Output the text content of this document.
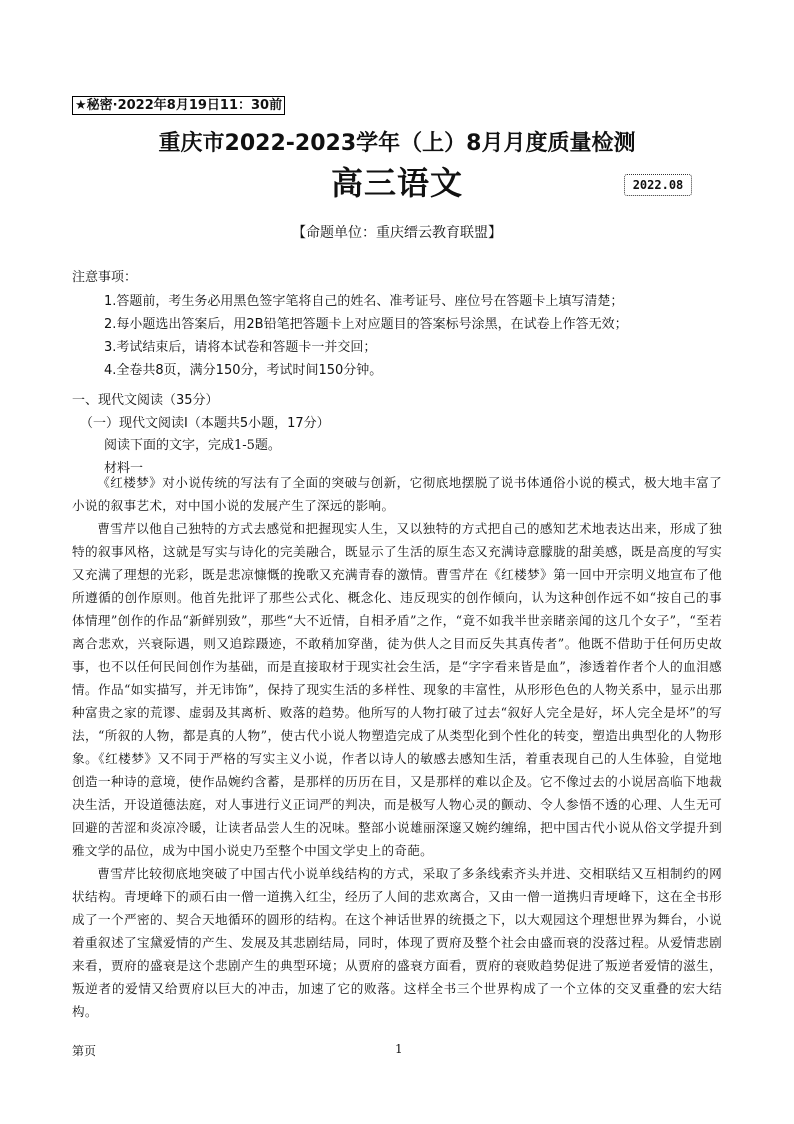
★秘密·2022年8月19日11：30前
重庆市2022-2023学年（上）8月月度质量检测
高三语文	2022.08
【命题单位：重庆缙云教育联盟】
注意事项：
1.答题前，考生务必用黑色签字笔将自己的姓名、准考证号、座位号在答题卡上填写清楚；
2.每小题选出答案后，用2B铅笔把答题卡上对应题目的答案标号涂黑，在试卷上作答无效；
3.考试结束后，请将本试卷和答题卡一并交回；
4.全卷共8页，满分150分，考试时间150分钟。
一、现代文阅读（35分）
（一）现代文阅读Ⅰ（本题共5小题，17分）
阅读下面的文字，完成1-5题。
材料一
《红楼梦》对小说传统的写法有了全面的突破与创新，它彻底地摆脱了说书体通俗小说的模式，极大地丰富了小说的叙事艺术，对中国小说的发展产生了深远的影响。
曹雪芹以他自己独特的方式去感觉和把握现实人生，又以独特的方式把自己的感知艺术地表达出来，形成了独特的叙事风格，这就是写实与诗化的完美融合，既显示了生活的原生态又充满诗意朦胧的甜美感，既是高度的写实又充满了理想的光彩，既是悲凉慷慨的挽歌又充满青春的激情。曹雪芹在《红楼梦》第一回中开宗明义地宣布了他所遵循的创作原则。他首先批评了那些公式化、概念化、违反现实的创作倾向，认为这种创作远不如“按自己的事体情理”创作的作品“新鲜别致”，那些“大不近情，自相矛盾”之作，“竟不如我半世亲睹亲闻的这几个女子”，“至若离合悲欢，兴衰际遇，则又追踪蹑迹，不敢稍加穿凿，徒为供人之目而反失其真传者”。他既不借助于任何历史故事，也不以任何民间创作为基础，而是直接取材于现实社会生活，是“字字看来皆是血”，渗透着作者个人的血泪感情。作品“如实描写，并无讳饰”，保持了现实生活的多样性、现象的丰富性，从形形色色的人物关系中，显示出那种富贵之家的荒谬、虚弱及其离析、败落的趋势。他所写的人物打破了过去“叙好人完全是好，坏人完全是坏”的写法，“所叙的人物，都是真的人物”，使古代小说人物塑造完成了从类型化到个性化的转变，塑造出典型化的人物形象。《红楼梦》又不同于严格的写实主义小说，作者以诗人的敏感去感知生活，着重表现自己的人生体验，自觉地创造一种诗的意境，使作品婉约含蓄，是那样的历历在目，又是那样的难以企及。它不像过去的小说居高临下地裁决生活，开设道德法庭，对人事进行义正词严的判决，而是极写人物心灵的颤动、令人参悟不透的心理、人生无可回避的苦涩和炎凉冷暖，让读者品尝人生的况味。整部小说雄丽深邃又婉约缠绵，把中国古代小说从俗文学提升到雅文学的品位，成为中国小说史乃至整个中国文学史上的奇葩。
曹雪芹比较彻底地突破了中国古代小说单线结构的方式，采取了多条线索齐头并进、交相联结又互相制约的网状结构。青埂峰下的顽石由一僧一道携入红尘，经历了人间的悲欢离合，又由一僧一道携归青埂峰下，这在全书形成了一个严密的、契合天地循环的圆形的结构。在这个神话世界的统摄之下，以大观园这个理想世界为舞台，小说着重叙述了宝黛爱情的产生、发展及其悲剧结局，同时，体现了贾府及整个社会由盛而衰的没落过程。从爱情悲剧来看，贾府的盛衰是这个悲剧产生的典型环境；从贾府的盛衰方面看，贾府的衰败趋势促进了叛逆者爱情的滋生，叛逆者的爱情又给贾府以巨大的冲击，加速了它的败落。这样全书三个世界构成了一个立体的交叉重叠的宏大结构。
第页	1
